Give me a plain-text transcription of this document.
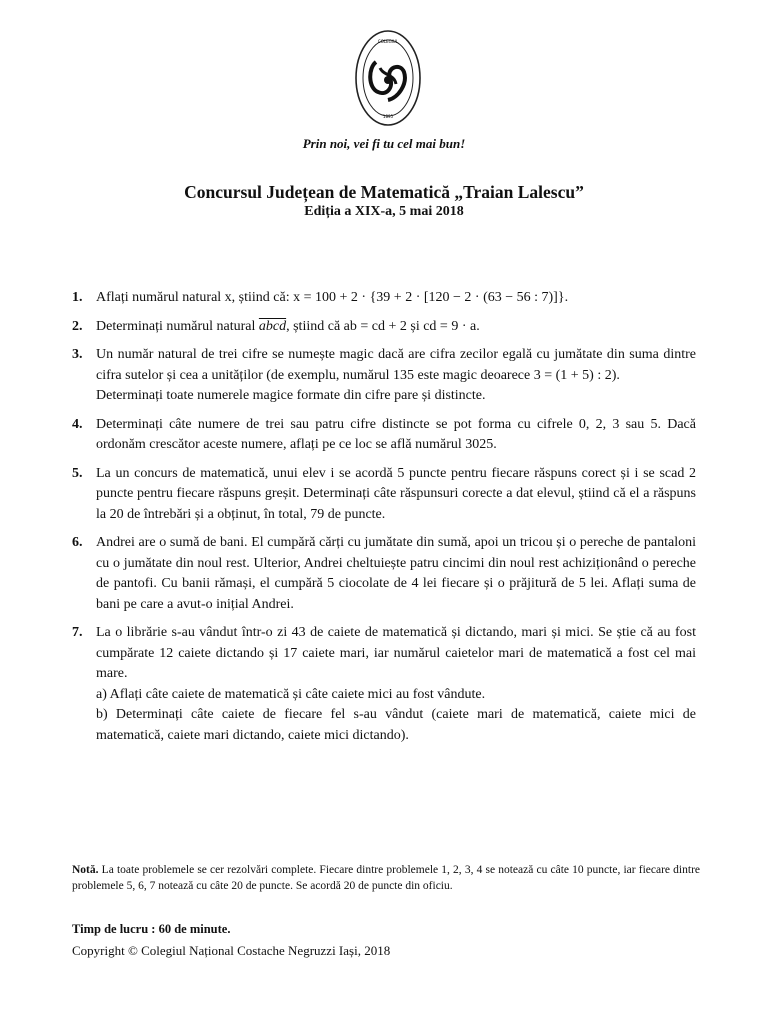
COLEGIUL
1895
Prin noi, vei fi tu cel mai bun!
Concursul Județean de Matematică „Traian Lalescu”
Ediția a XIX-a, 5 mai 2018
1. Aflați numărul natural x, știind că: x = 100 + 2 · {39 + 2 · [120 − 2 · (63 − 56 : 7)]}.

2. Determinați numărul natural abcd, știind că ab = cd + 2 și cd = 9 · a.

3. Un număr natural de trei cifre se numește magic dacă are cifra zecilor egală cu jumătate din suma dintre cifra sutelor și cea a unităților (de exemplu, numărul 135 este magic deoarece 3 = (1 + 5) : 2).

Determinați toate numerele magice formate din cifre pare și distincte.

4. Determinați câte numere de trei sau patru cifre distincte se pot forma cu cifrele 0, 2, 3 sau 5. Dacă ordonăm crescător aceste numere, aflați pe ce loc se află numărul 3025.

5. La un concurs de matematică, unui elev i se acordă 5 puncte pentru fiecare răspuns corect și i se scad 2 puncte pentru fiecare răspuns greșit. Determinați câte răspunsuri corecte a dat elevul, știind că el a răspuns la 20 de întrebări și a obținut, în total, 79 de puncte.

6. Andrei are o sumă de bani. El cumpără cărți cu jumătate din sumă, apoi un tricou și o pereche de pantaloni cu o jumătate din noul rest. Ulterior, Andrei cheltuiește patru cincimi din noul rest achiziționând o pereche de pantofi. Cu banii rămași, el cumpără 5 ciocolate de 4 lei fiecare și o prăjitură de 5 lei. Aflați suma de bani pe care a avut-o inițial Andrei.

7. La o librărie s-au vândut într-o zi 43 de caiete de matematică și dictando, mari și mici. Se știe că au fost cumpărate 12 caiete dictando și 17 caiete mari, iar numărul caietelor mari de matematică a fost cel mai mare.

a) Aflați câte caiete de matematică și câte caiete mici au fost vândute.

b) Determinați câte caiete de fiecare fel s-au vândut (caiete mari de matematică, caiete mici de matematică, caiete mari dictando, caiete mici dictando).

Notă. La toate problemele se cer rezolvări complete. Fiecare dintre problemele 1, 2, 3, 4 se notează cu câte 10 puncte, iar fiecare dintre problemele 5, 6, 7 notează cu câte 20 de puncte. Se acordă 20 de puncte din oficiu.
Timp de lucru : 60 de minute.
Copyright © Colegiul Național Costache Negruzzi Iași, 2018
